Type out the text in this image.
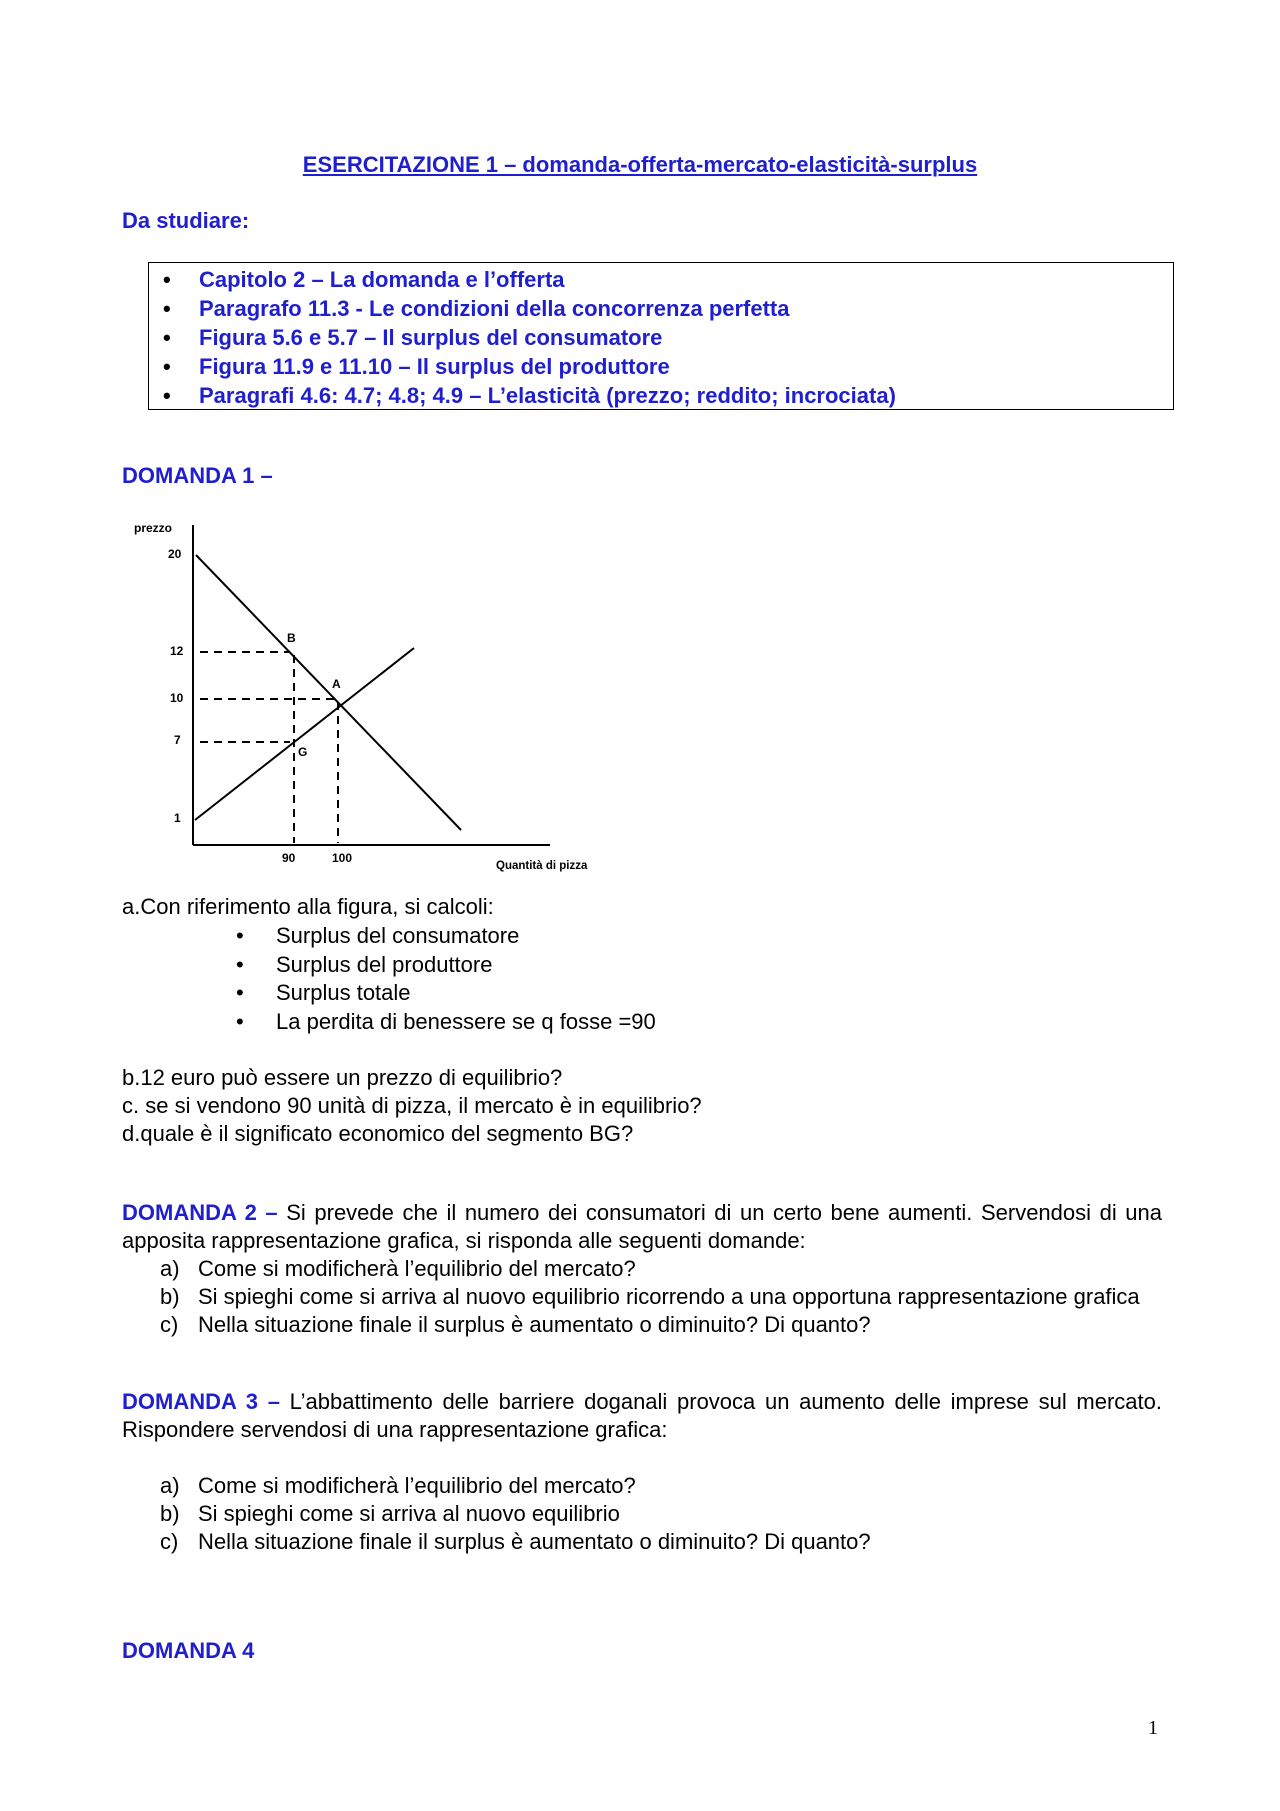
ESERCITAZIONE 1 – domanda-offerta-mercato-elasticità-surplus
Da studiare:
• Capitolo 2 – La domanda e l’offerta
• Paragrafo 11.3 - Le condizioni della concorrenza perfetta
• Figura 5.6 e 5.7 – Il surplus del consumatore
• Figura 11.9 e 11.10 – Il surplus del produttore
• Paragrafi 4.6: 4.7; 4.8; 4.9 – L’elasticità (prezzo; reddito; incrociata)
DOMANDA 1 –
prezzo
20
12
10
7
1
90	100
Quantità di pizza
B
A
G
a.Con riferimento alla figura, si calcoli:
• Surplus del consumatore
• Surplus del produttore
• Surplus totale
• La perdita di benessere se q fosse =90
b.12 euro può essere un prezzo di equilibrio?
c. se si vendono 90 unità di pizza, il mercato è in equilibrio?
d.quale è il significato economico del segmento BG?
DOMANDA 2 – Si prevede che il numero dei consumatori di un certo bene aumenti. Servendosi di una apposita rappresentazione grafica, si risponda alle seguenti domande:
a) Come si modificherà l’equilibrio del mercato?
b) Si spieghi come si arriva al nuovo equilibrio ricorrendo a una opportuna rappresentazione grafica
c) Nella situazione finale il surplus è aumentato o diminuito? Di quanto?
DOMANDA 3 – L’abbattimento delle barriere doganali provoca un aumento delle imprese sul mercato. Rispondere servendosi di una rappresentazione grafica:
a) Come si modificherà l’equilibrio del mercato?
b) Si spieghi come si arriva al nuovo equilibrio
c) Nella situazione finale il surplus è aumentato o diminuito? Di quanto?
DOMANDA 4
1
